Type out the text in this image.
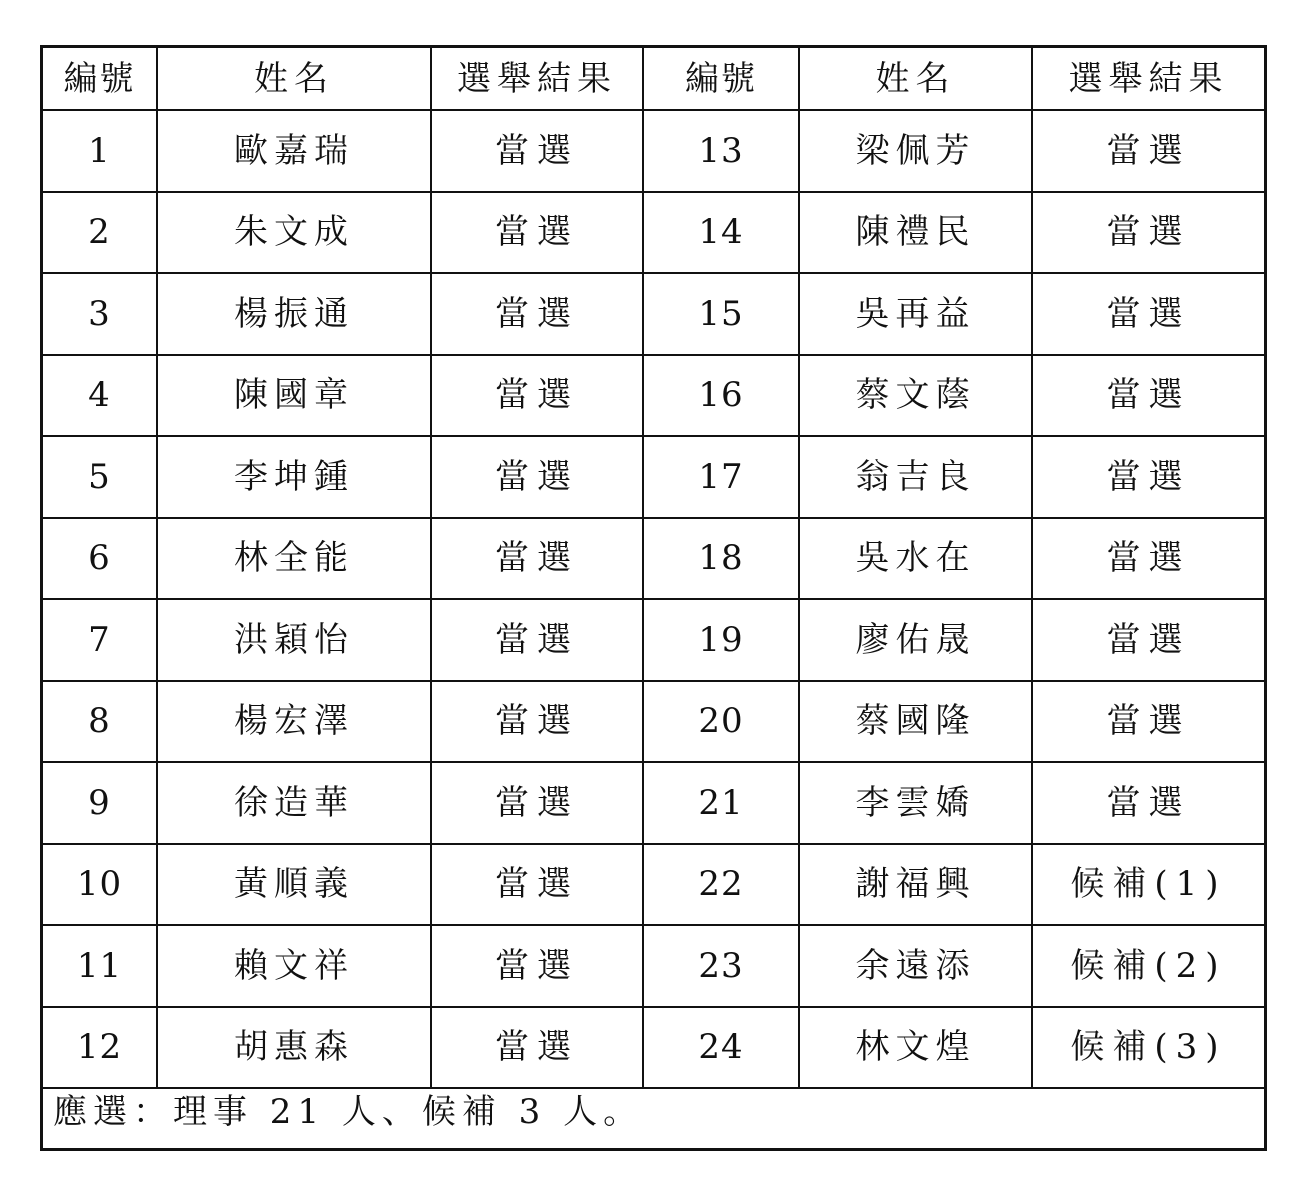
編號	姓名	選舉結果	編號	姓名	選舉結果
1	歐嘉瑞	當選	13	梁佩芳	當選
2	朱文成	當選	14	陳禮民	當選
3	楊振通	當選	15	吳再益	當選
4	陳國章	當選	16	蔡文蔭	當選
5	李坤鍾	當選	17	翁吉良	當選
6	林全能	當選	18	吳水在	當選
7	洪穎怡	當選	19	廖佑晟	當選
8	楊宏澤	當選	20	蔡國隆	當選
9	徐造華	當選	21	李雲嬌	當選
10	黃順義	當選	22	謝福興	候補(1)
11	賴文祥	當選	23	余遠添	候補(2)
12	胡惠森	當選	24	林文煌	候補(3)
應選：理事 21 人、候補 3 人。
